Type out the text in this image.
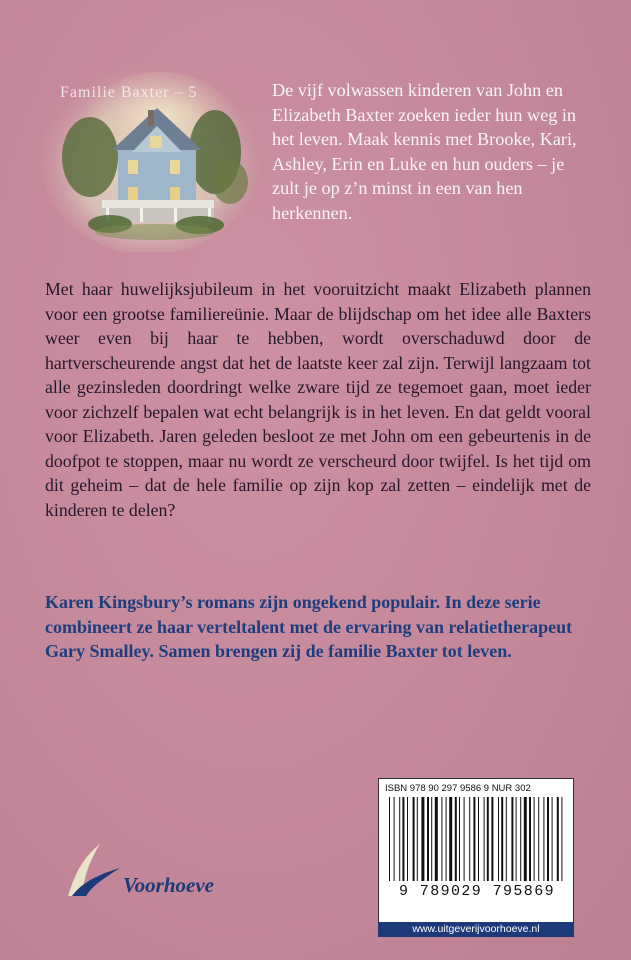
Familie Baxter – 5	De vijf volwassen kinderen van John en Elizabeth Baxter zoeken ieder hun weg in het leven. Maak kennis met Brooke, Kari, Ashley, Erin en Luke en hun ouders – je zult je op z’n minst in een van hen herkennen.
Met haar huwelijksjubileum in het vooruitzicht maakt Elizabeth plannen voor een grootse familiereünie. Maar de blijdschap om het idee alle Baxters weer even bij haar te hebben, wordt overschaduwd door de hartverscheurende angst dat het de laatste keer zal zijn. Terwijl langzaam tot alle gezinsleden doordringt welke zware tijd ze tegemoet gaan, moet ieder voor zichzelf bepalen wat echt belangrijk is in het leven. En dat geldt vooral voor Elizabeth. Jaren geleden besloot ze met John om een gebeurtenis in de doofpot te stoppen, maar nu wordt ze verscheurd door twijfel. Is het tijd om dit geheim – dat de hele familie op zijn kop zal zetten – eindelijk met de kinderen te delen?
Karen Kingsbury’s romans zijn ongekend populair. In deze serie combineert ze haar verteltalent met de ervaring van relatietherapeut Gary Smalley. Samen brengen zij de familie Baxter tot leven.
Voorhoeve
ISBN 978 90 297 9586 9 NUR 302
9 789029 795869
www.uitgeverijvoorhoeve.nl
